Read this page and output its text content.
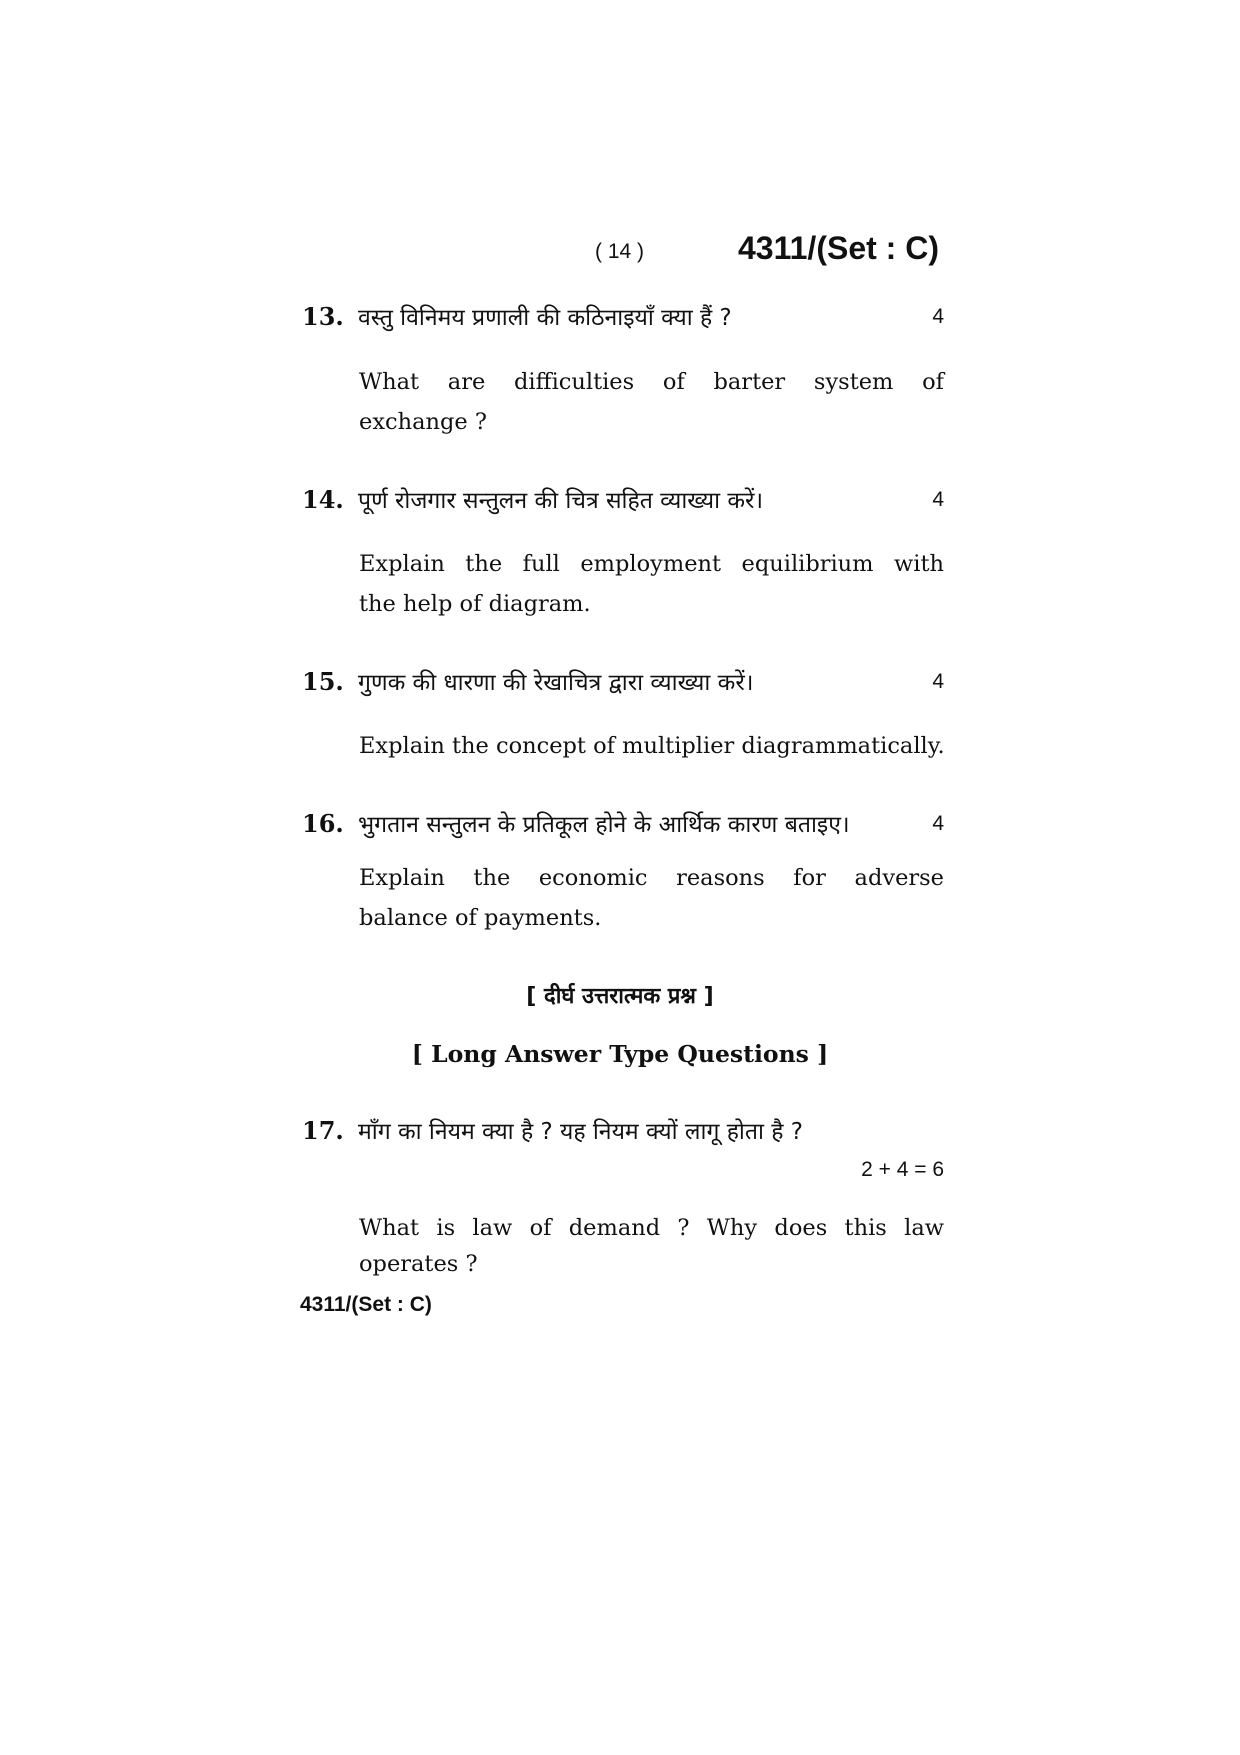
( 14 )	4311/(Set : C)
13. वस्तु विनिमय प्रणाली की कठिनाइयाँ क्या हैं ?	4
What are difficulties of barter system of
exchange ?
14. पूर्ण रोजगार सन्तुलन की चित्र सहित व्याख्या करें।	4
Explain the full employment equilibrium with
the help of diagram.
15. गुणक की धारणा की रेखाचित्र द्वारा व्याख्या करें।	4
Explain the concept of multiplier diagrammatically.
16. भुगतान सन्तुलन के प्रतिकूल होने के आर्थिक कारण बताइए।	4
Explain the economic reasons for adverse
balance of payments.
[ दीर्घ उत्तरात्मक प्रश्न ]
[ Long Answer Type Questions ]
17. माँग का नियम क्या है ? यह नियम क्यों लागू होता है ?
2 + 4 = 6
What is law of demand ? Why does this law
operates ?
4311/(Set : C)
